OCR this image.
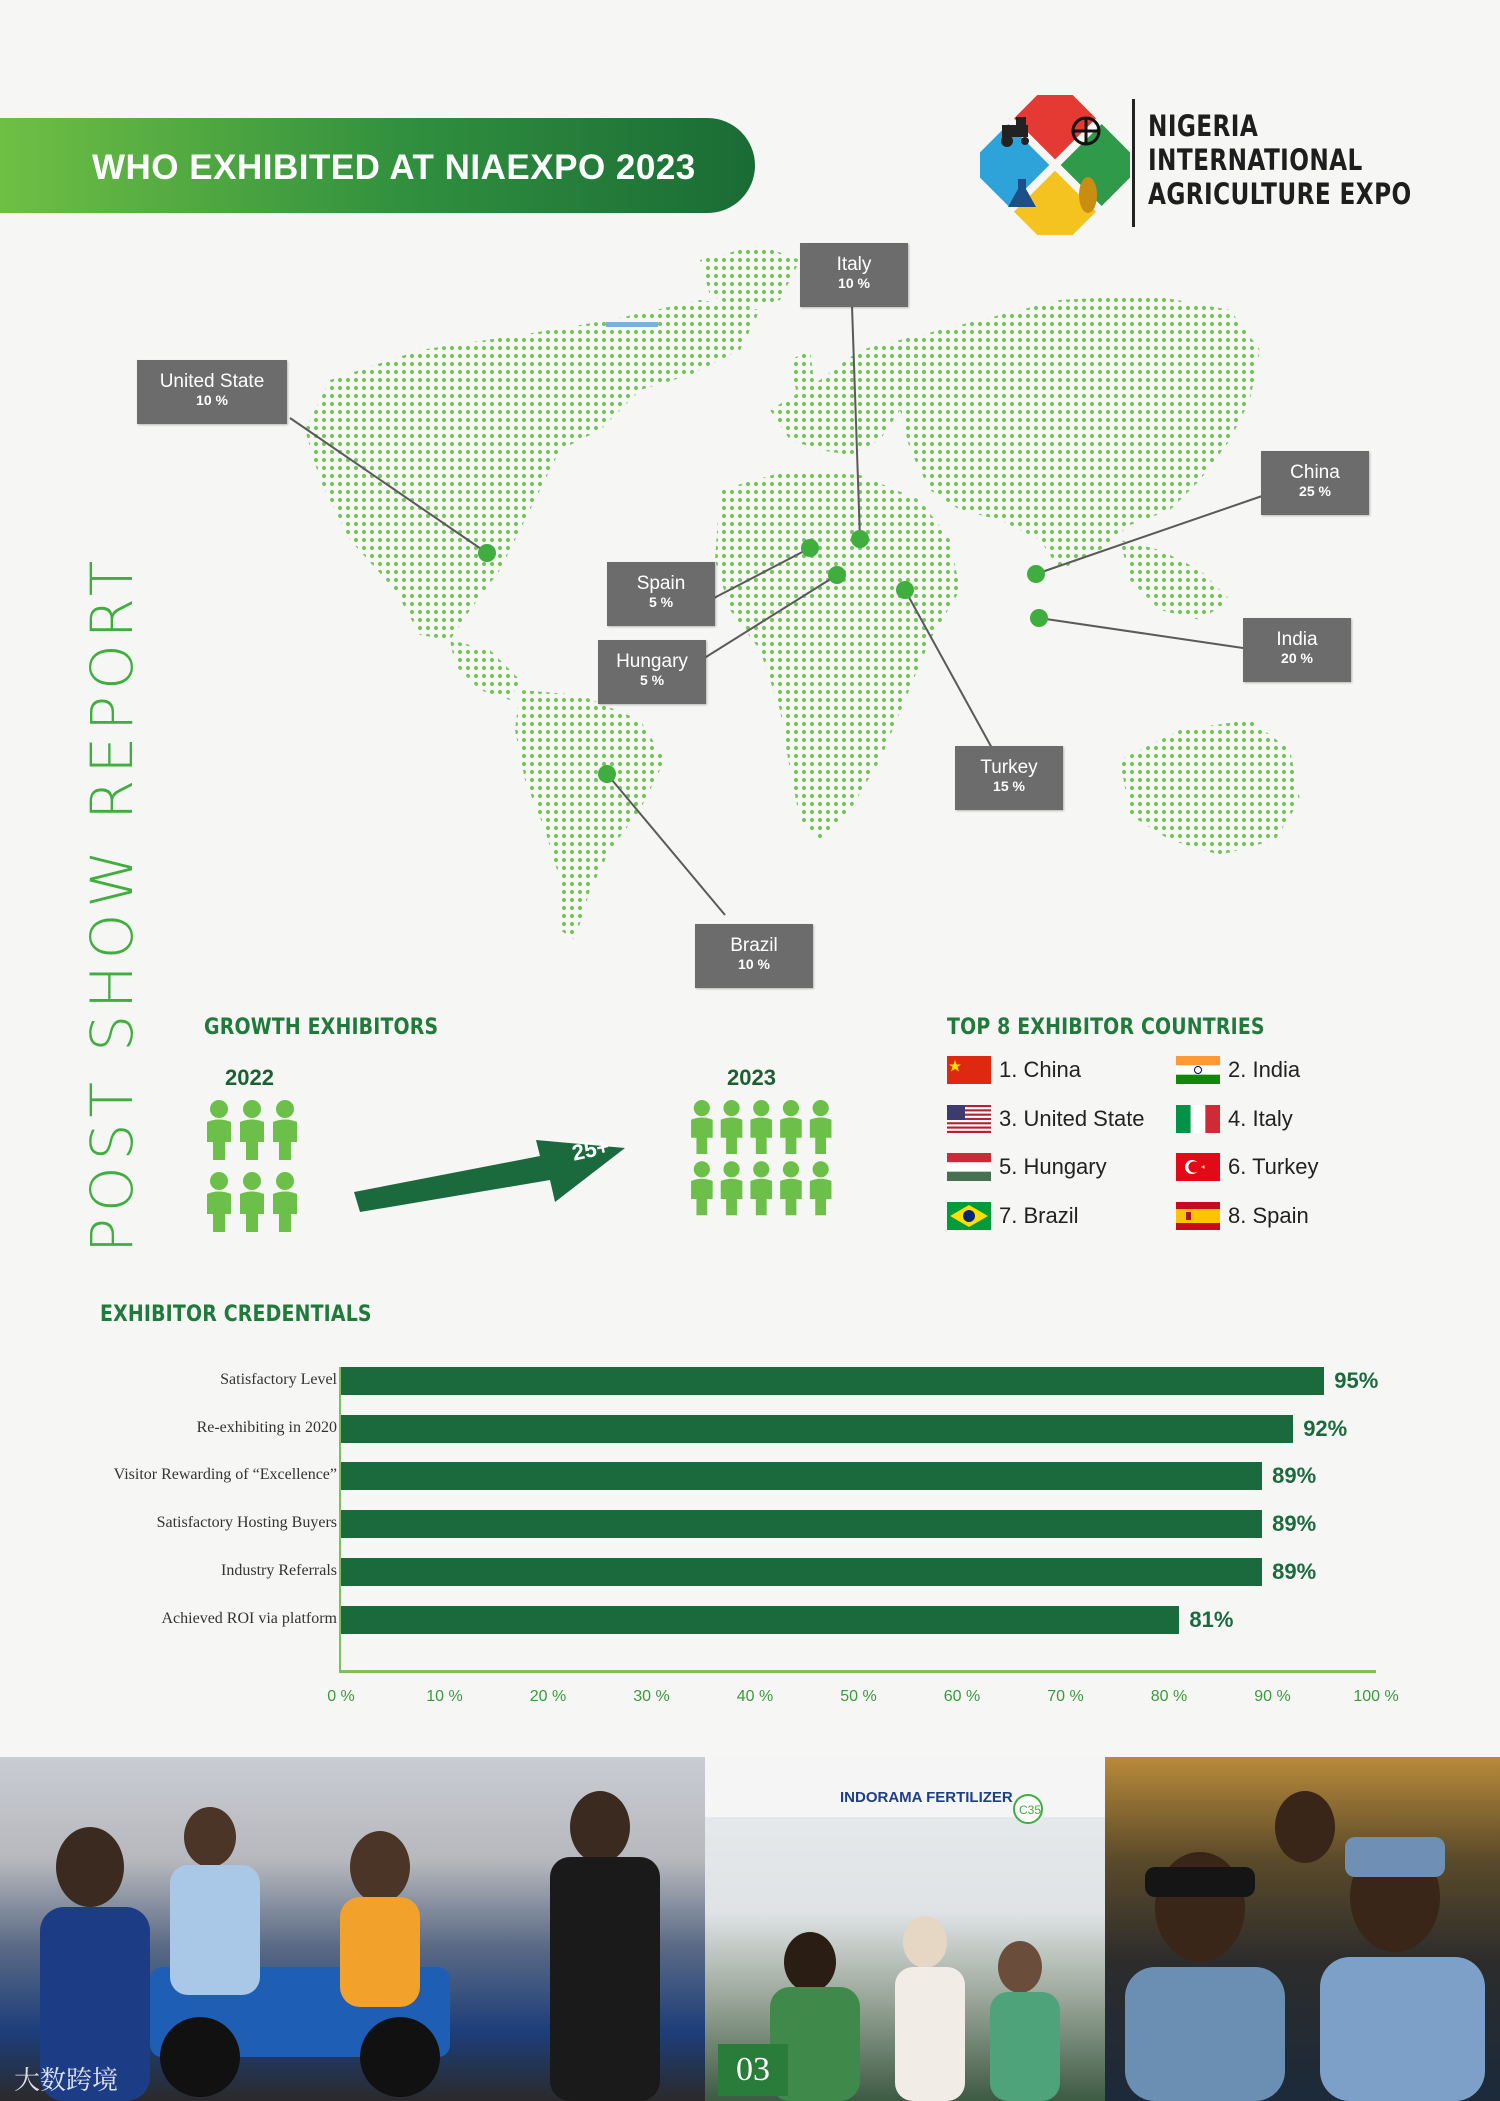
WHO EXHIBITED AT NIAEXPO 2023
NIGERIA
INTERNATIONAL
AGRICULTURE EXPO
POST SHOW REPORT
United State
10 %
Italy
10 %
China
25 %
Spain
5 %
Hungary
5 %
India
20 %
Turkey
15 %
Brazil
10 %
GROWTH EXHIBITORS
2022	2023
25+
TOP 8 EXHIBITOR COUNTRIES
1. China	2. India
3. United State	4. Italy
5. Hungary	6. Turkey
7. Brazil	8. Spain
EXHIBITOR CREDENTIALS
Satisfactory Level	95%
Re-exhibiting in 2020	92%
Visitor Rewarding of “Excellence”	89%
Satisfactory Hosting Buyers	89%
Industry Referrals	89%
Achieved ROI via platform	81%
0 %	10 %	20 %	30 %	40 %	50 %	60 %	70 %	80 %	90 %	100 %
INDORAMA FERTILIZER
C35
03
大数跨境
